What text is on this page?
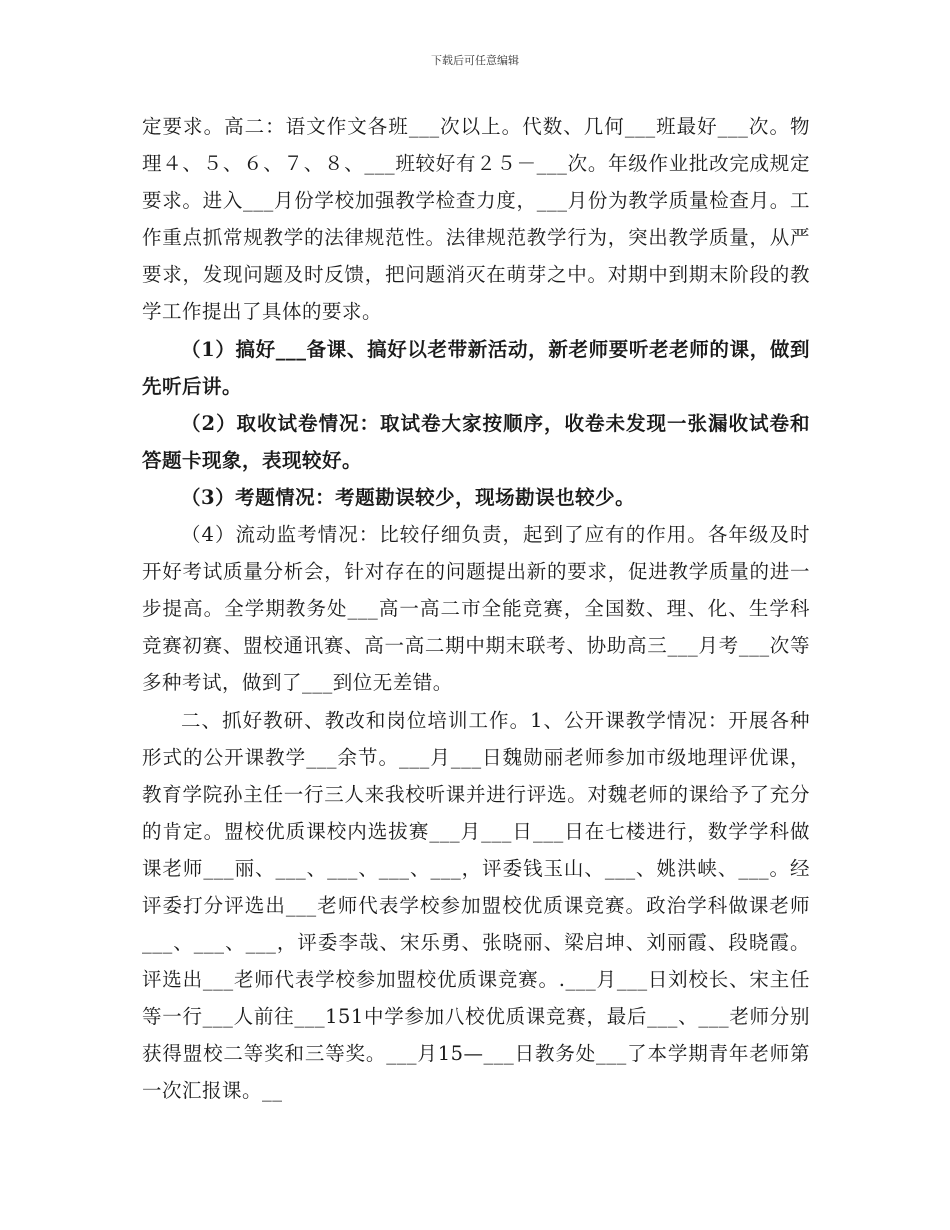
下载后可任意编辑

定要求。高二：语文作文各班___次以上。代数、几何___班最好___次。物理４、５、６、７、８、___班较好有２５－___次。年级作业批改完成规定要求。进入___月份学校加强教学检查力度，___月份为教学质量检查月。工作重点抓常规教学的法律规范性。法律规范教学行为，突出教学质量，从严要求，发现问题及时反馈，把问题消灭在萌芽之中。对期中到期末阶段的教学工作提出了具体的要求。

（1）搞好___备课、搞好以老带新活动，新老师要听老老师的课，做到先听后讲。

（2）取收试卷情况：取试卷大家按顺序，收卷未发现一张漏收试卷和答题卡现象，表现较好。

（3）考题情况：考题勘误较少，现场勘误也较少。

（4）流动监考情况：比较仔细负责，起到了应有的作用。各年级及时开好考试质量分析会，针对存在的问题提出新的要求，促进教学质量的进一步提高。全学期教务处___高一高二市全能竞赛，全国数、理、化、生学科竞赛初赛、盟校通讯赛、高一高二期中期末联考、协助高三___月考___次等多种考试，做到了___到位无差错。

二、抓好教研、教改和岗位培训工作。1、公开课教学情况：开展各种形式的公开课教学___余节。___月___日魏勋丽老师参加市级地理评优课，教育学院孙主任一行三人来我校听课并进行评选。对魏老师的课给予了充分的肯定。盟校优质课校内选拔赛___月___日___日在七楼进行，数学学科做课老师___丽、___、___、___、___，评委钱玉山、___、姚洪峡、___。经评委打分评选出___老师代表学校参加盟校优质课竞赛。政治学科做课老师___、___、___，评委李哉、宋乐勇、张晓丽、梁启坤、刘丽霞、段晓霞。评选出___老师代表学校参加盟校优质课竞赛。.___月___日刘校长、宋主任等一行___人前往___151中学参加八校优质课竞赛，最后___、___老师分别获得盟校二等奖和三等奖。___月15—___日教务处___了本学期青年老师第一次汇报课。__
